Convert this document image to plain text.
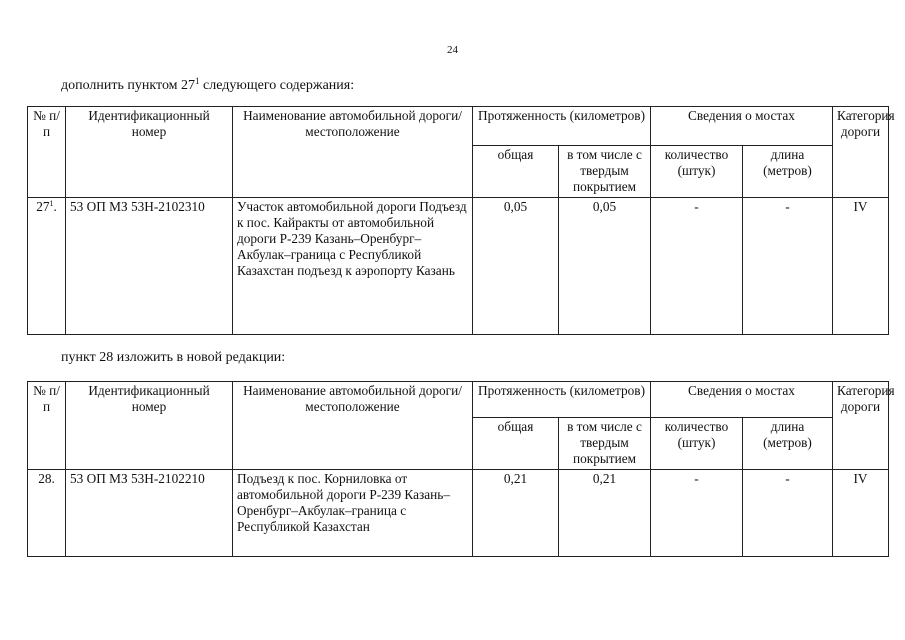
24
дополнить пунктом $27^1$ следующего содержания:
№ п/п	Идентификационный номер	Наименование автомобильной дороги/местоположение	Протяженность (километров)		Сведения о мостах		Категория дороги
			общая	в том числе с твердым покрытием	количество (штук)	длина (метров)	
$27^1$.	53 ОП МЗ 53Н-2102310	Участок автомобильной дороги Подъезд к пос. Кайракты от автомобильной дороги Р-239 Казань–Оренбург–Акбулак–граница с Республикой Казахстан подъезд к аэропорту Казань	0,05	0,05	-	-	IV
пункт 28 изложить в новой редакции:
№ п/п	Идентификационный номер	Наименование автомобильной дороги/местоположение	Протяженность (километров)		Сведения о мостах		Категория дороги
			общая	в том числе с твердым покрытием	количество (штук)	длина (метров)	
28.	53 ОП МЗ 53Н-2102210	Подъезд к пос. Корниловка от автомобильной дороги Р-239 Казань–Оренбург–Акбулак–граница с Республикой Казахстан	0,21	0,21	-	-	IV
